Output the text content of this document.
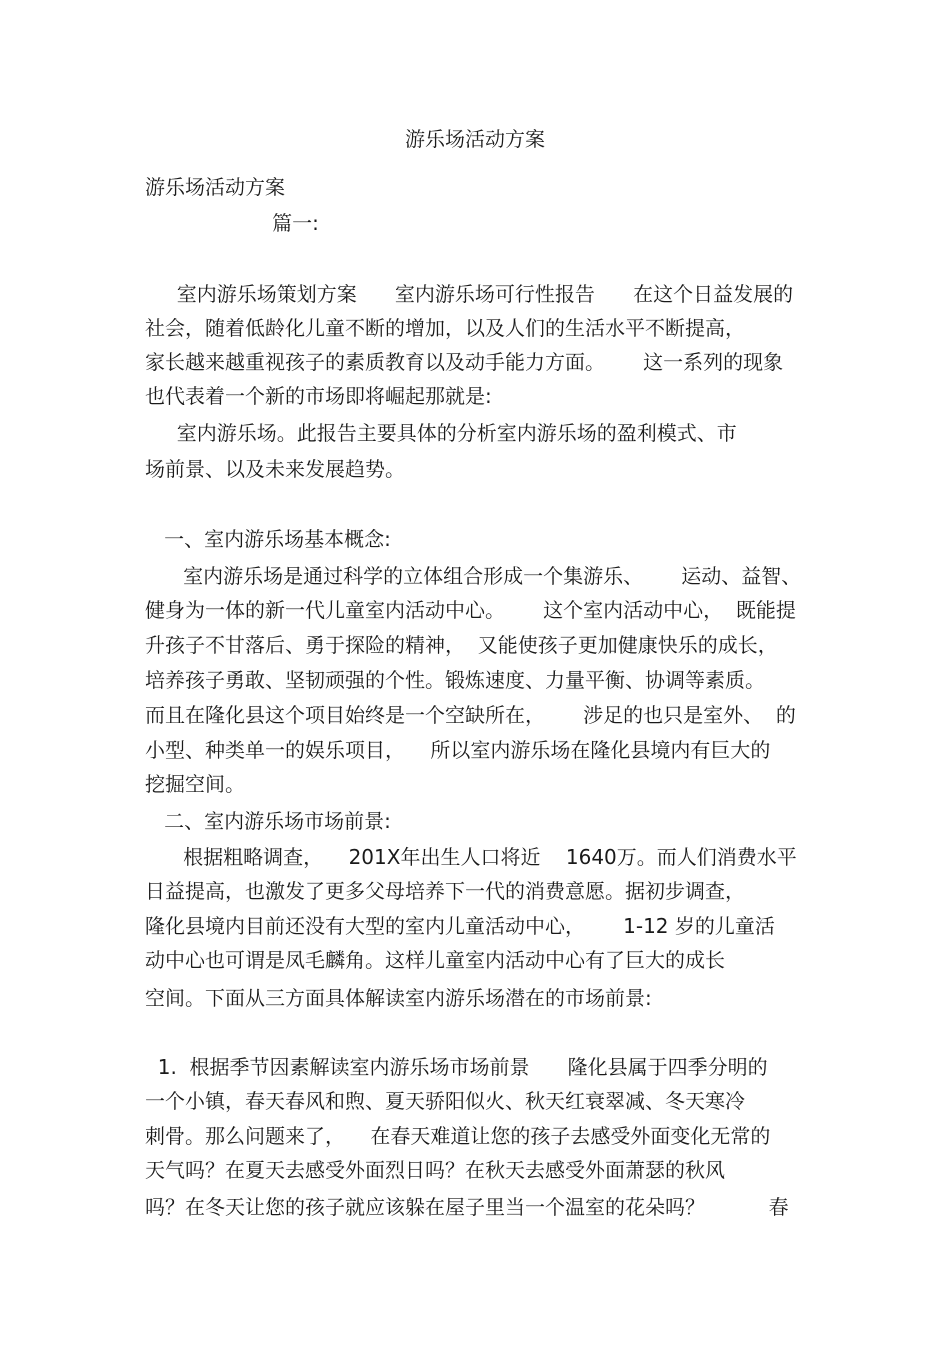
游乐场活动方案
游乐场活动方案
篇一:
室内游乐场策划方案      室内游乐场可行性报告      在这个日益发展的
社会，随着低龄化儿童不断的增加，以及人们的生活水平不断提高，
家长越来越重视孩子的素质教育以及动手能力方面。      这一系列的现象
也代表着一个新的市场即将崛起那就是:
室内游乐场。此报告主要具体的分析室内游乐场的盈利模式、市
场前景、以及未来发展趋势。
一、室内游乐场基本概念:
室内游乐场是通过科学的立体组合形成一个集游乐、      运动、益智、
健身为一体的新一代儿童室内活动中心。      这个室内活动中心，  既能提
升孩子不甘落后、勇于探险的精神，  又能使孩子更加健康快乐的成长，
培养孩子勇敢、坚韧顽强的个性。锻炼速度、力量平衡、协调等素质。
而且在隆化县这个项目始终是一个空缺所在，      涉足的也只是室外、  的
小型、种类单一的娱乐项目，    所以室内游乐场在隆化县境内有巨大的
挖掘空间。
二、室内游乐场市场前景:
根据粗略调查，    201X年出生人口将近    1640万。而人们消费水平
日益提高，也激发了更多父母培养下一代的消费意愿。据初步调查，
隆化县境内目前还没有大型的室内儿童活动中心，      1-12 岁的儿童活
动中心也可谓是凤毛麟角。这样儿童室内活动中心有了巨大的成长
空间。下面从三方面具体解读室内游乐场潜在的市场前景:
1.  根据季节因素解读室内游乐场市场前景      隆化县属于四季分明的
一个小镇，春天春风和煦、夏天骄阳似火、秋天红衰翠减、冬天寒冷
刺骨。那么问题来了，    在春天难道让您的孩子去感受外面变化无常的
天气吗？在夏天去感受外面烈日吗？在秋天去感受外面萧瑟的秋风
吗？在冬天让您的孩子就应该躲在屋子里当一个温室的花朵吗？          春
